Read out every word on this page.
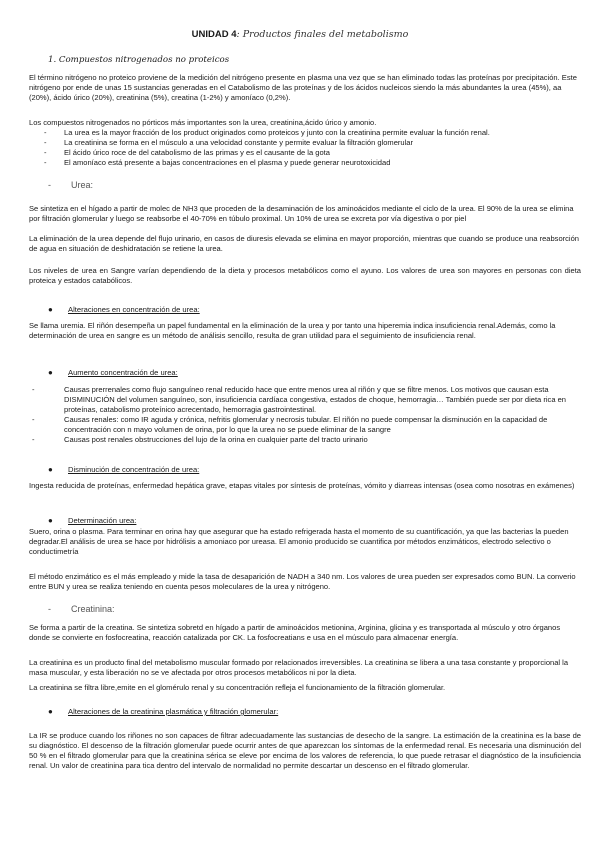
UNIDAD 4: Productos finales del metabolismo
1. Compuestos nitrogenados no proteicos
El término nitrógeno no proteico proviene de la medición del nitrógeno presente en plasma una vez que se han eliminado todas las proteínas por precipitación. Este nitrógeno por ende de unas 15 sustancias generadas en el Catabolismo de las proteínas y de los ácidos nucleicos siendo la más abundantes la urea (45%), aa (20%), ácido úrico (20%), creatinina (5%), creatina (1-2%) y amoníaco (0,2%).
Los compuestos nitrogenados no pórticos más importantes son la urea, creatinina,ácido úrico y amonio.
- La urea es la mayor fracción de los product originados como proteicos y junto con la creatinina permite evaluar la función renal.
- La creatinina se forma en el músculo a una velocidad constante y permite evaluar la filtración glomerular
- El ácido úrico roce de del catabolismo de las primas y es el causante de la gota
- El amoníaco está presente a bajas concentraciones en el plasma y puede generar neurotoxicidad
- Urea:
Se sintetiza en el hígado a partir de molec de NH3 que proceden de la desaminación de los aminoácidos mediante el ciclo de la urea. El 90% de la urea se elimina por filtración glomerular y luego se reabsorbe el 40-70% en túbulo proximal. Un 10% de urea se excreta por vía digestiva o por piel
La eliminación de la urea depende del flujo urinario, en casos de diuresis elevada se elimina en mayor proporción, mientras que cuando se produce una reabsorción de agua en situación de deshidratación se retiene la urea.
Los niveles de urea en Sangre varían dependiendo de la dieta y procesos metabólicos como el ayuno. Los valores de urea son mayores en personas con dieta proteica y estados catabólicos.
● Alteraciones en concentración de urea:
Se llama uremia. El riñón desempeña un papel fundamental en la eliminación de la urea y por tanto una hiperemia indica insuficiencia renal.Además, como la determinación de urea en sangre es un método de análisis sencillo, resulta de gran utilidad para el seguimiento de insuficiencia renal.
● Aumento concentración de urea:
- Causas prerrenales como flujo sanguíneo renal reducido hace que entre menos urea al riñón y que se filtre menos. Los motivos que causan esta DISMINUCIÓN del volumen sanguíneo, son, insuficiencia cardíaca congestiva, estados de choque, hemorragia… También puede ser por dieta rica en proteínas, catabolismo proteínico acrecentado, hemorragia gastrointestinal.
- Causas renales: como IR aguda y crónica, nefritis glomerular y necrosis tubular. El riñón no puede compensar la disminución en la capacidad de concentración con n mayo volumen de orina, por lo que la urea no se puede eliminar de la sangre
- Causas post renales obstrucciones del lujo de la orina en cualquier parte del tracto urinario
● Disminución de concentración de urea:
Ingesta reducida de proteínas, enfermedad hepática grave, etapas vitales por síntesis de proteínas, vómito y diarreas intensas (osea como nosotras en exámenes)
● Determinación urea:
Suero, orina o plasma. Para terminar en orina hay que asegurar que ha estado refrigerada hasta el momento de su cuantificación, ya que las bacterias la pueden degradar.El análisis de urea se hace por hidrólisis a amoniaco por ureasa. El amonio producido se cuantifica por métodos enzimáticos, electrodo selectivo o conductimetría
El método enzimático es el más empleado y mide la tasa de desaparición de NADH a 340 nm. Los valores de urea pueden ser expresados como BUN. La converio entre BUN y urea se realiza teniendo en cuenta pesos moleculares de la urea y nitrógeno.
- Creatinina:
Se forma a partir de la creatina. Se sintetiza sobretd en hígado a partir de aminoácidos metionina, Arginina, glicina y es transportada al músculo y otro órganos donde se convierte en fosfocreatina, reacción catalizada por CK. La fosfocreatians e usa en el músculo para almacenar energía.
La creatinina es un producto final del metabolismo muscular formado por relacionados irreversibles. La creatinina se libera a una tasa constante y proporcional la masa muscular, y esta liberación no se ve afectada por otros procesos metabólicos ni por la dieta.
La creatinina se filtra libre,emite en el glomérulo renal y su concentración refleja el funcionamiento de la filtración glomerular.
● Alteraciones de la creatinina plasmática y filtración glomerular:
La IR se produce cuando los riñones no son capaces de filtrar adecuadamente las sustancias de desecho de la sangre. La estimación de la creatinina es la base de su diagnóstico. El descenso de la filtración glomerular puede ocurrir antes de que aparezcan los síntomas de la enfermedad renal. Es necesaria una disminución del 50 % en el filtrado glomerular para que la creatinina sérica se eleve por encima de los valores de referencia, lo que puede retrasar el diagnóstico de la insuficiencia renal. Un valor de creatinina para tica dentro del intervalo de normalidad no permite descartar un descenso en el filtrado glomerular.
